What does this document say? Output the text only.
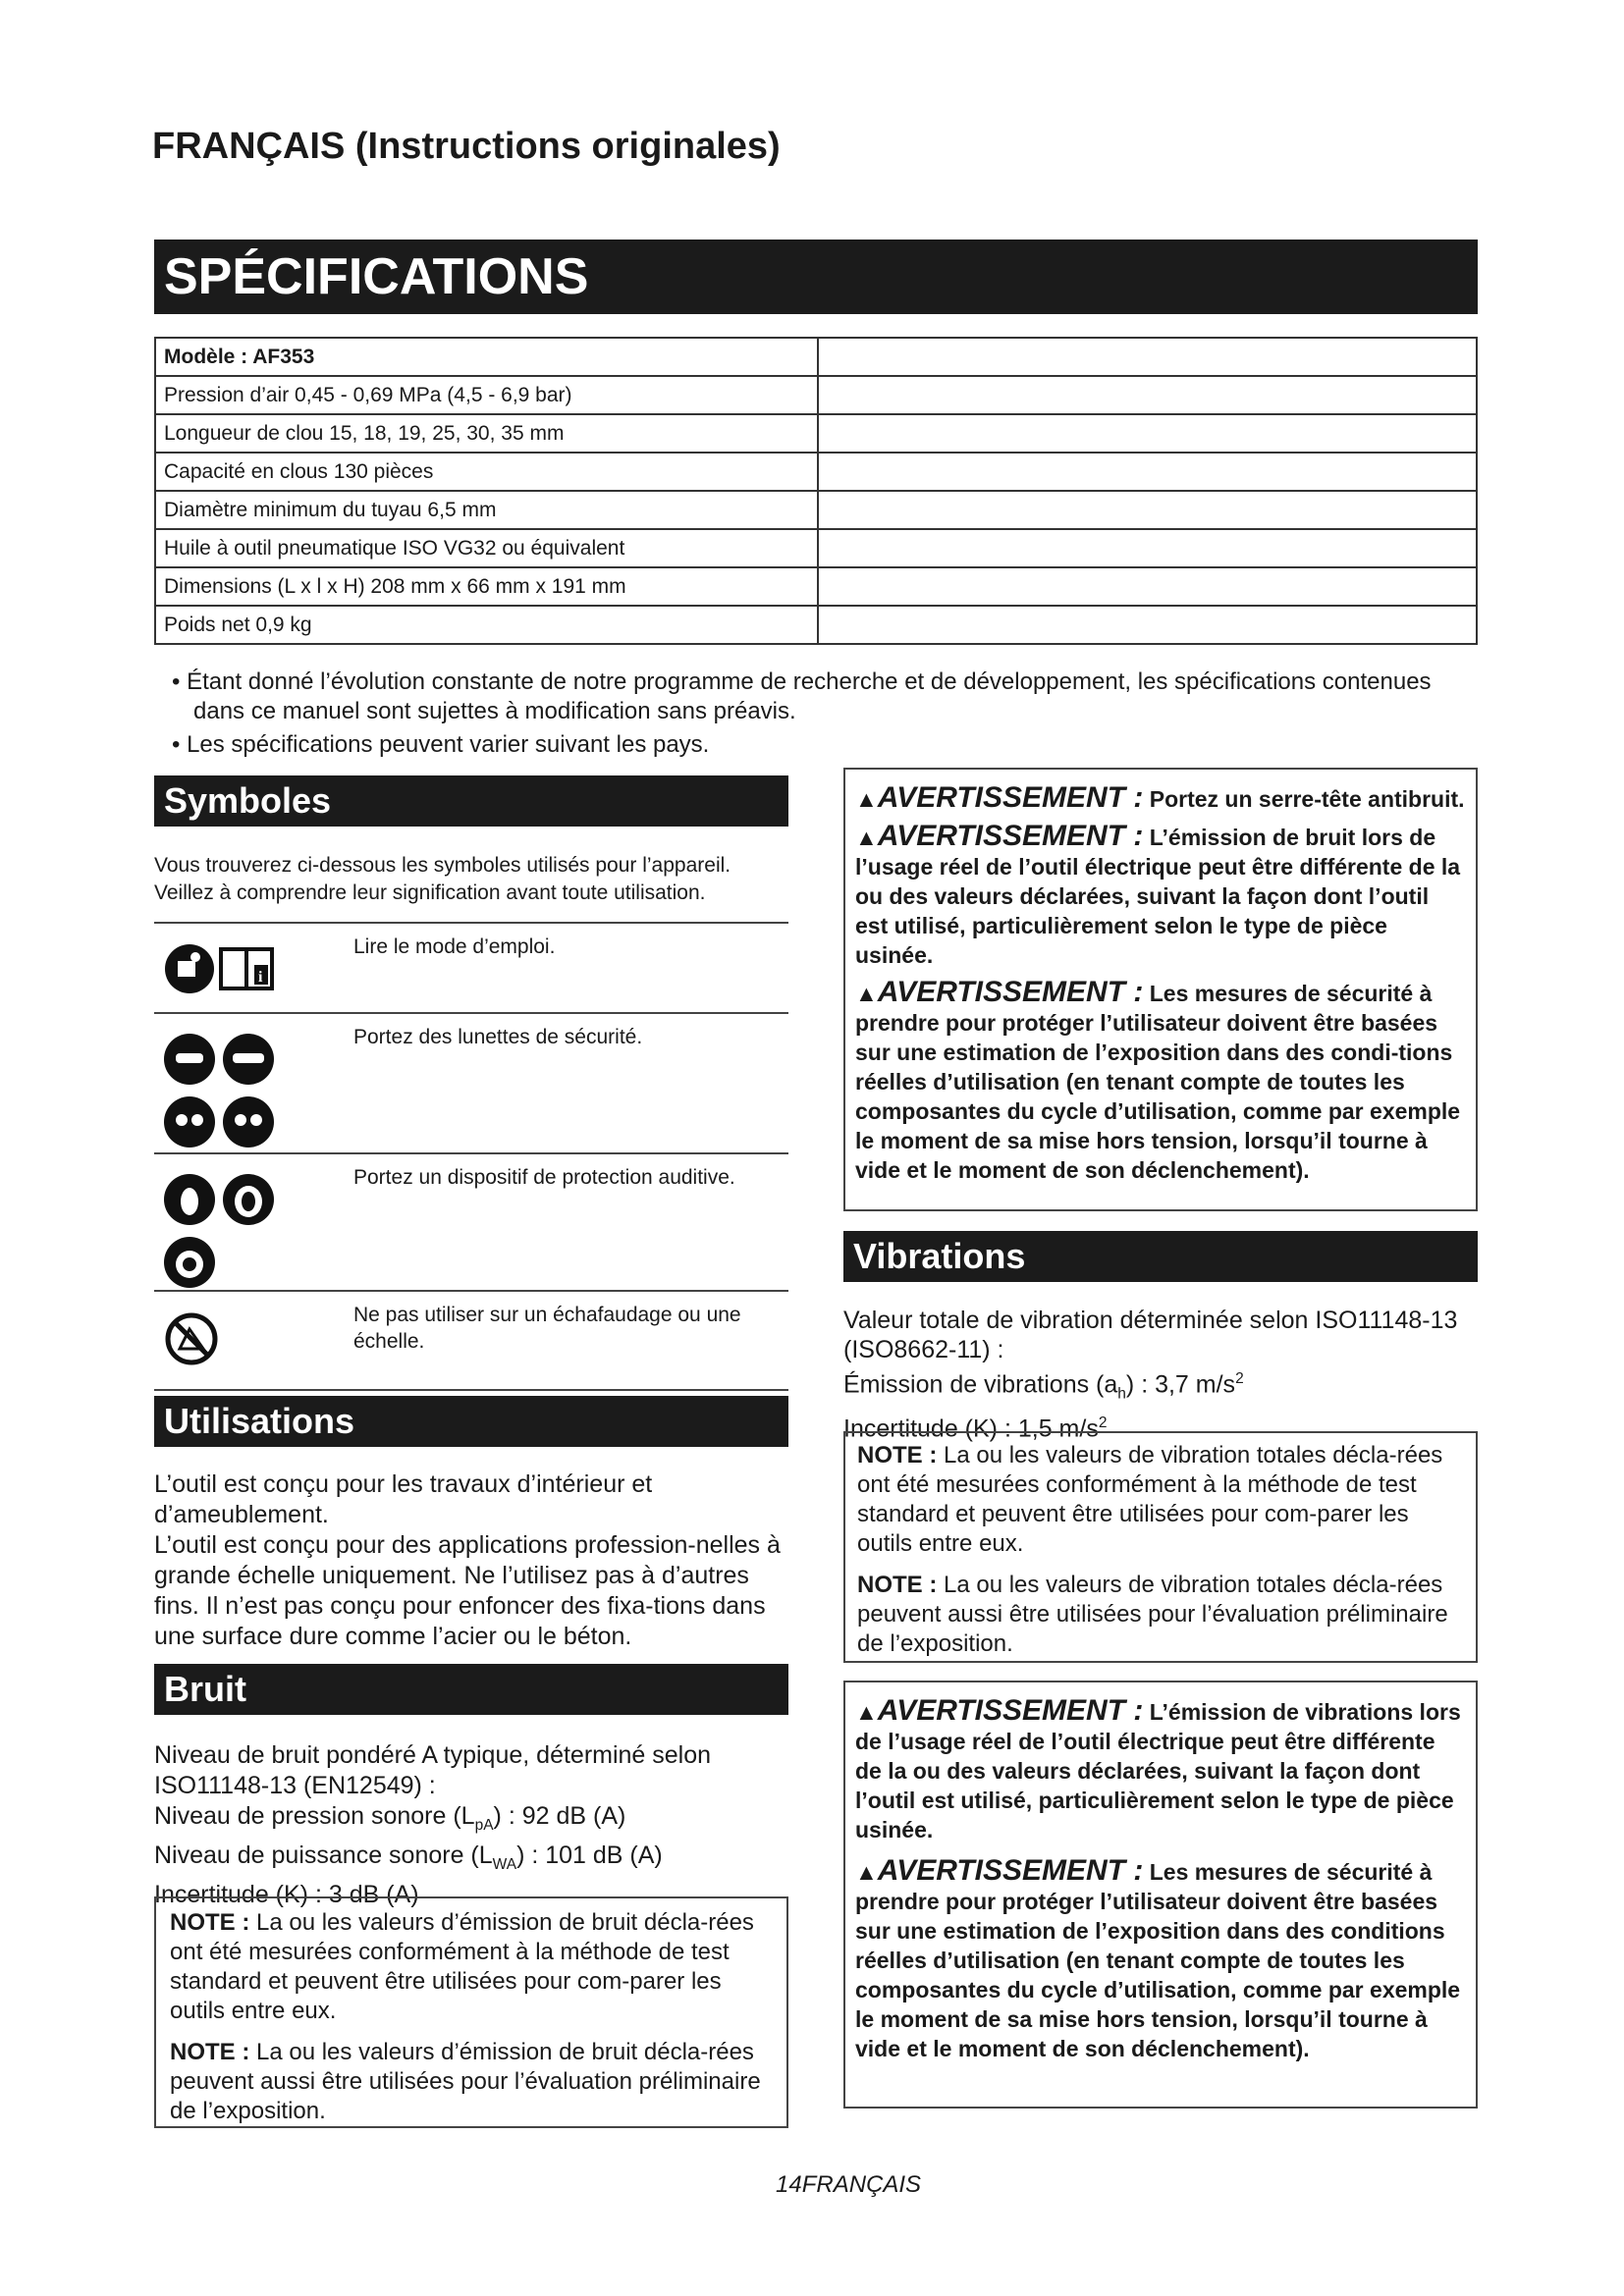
FRANÇAIS (Instructions originales)
SPÉCIFICATIONS
Modèle : AF353	
Pression d’air 0,45 - 0,69 MPa (4,5 - 6,9 bar)	
Longueur de clou 15, 18, 19, 25, 30, 35 mm	
Capacité en clous 130 pièces	
Diamètre minimum du tuyau 6,5 mm	
Huile à outil pneumatique ISO VG32 ou équivalent	
Dimensions (L x l x H) 208 mm x 66 mm x 191 mm	
Poids net 0,9 kg	
• Étant donné l’évolution constante de notre programme de recherche et de développement, les spécifications contenues dans ce manuel sont sujettes à modification sans préavis.
• Les spécifications peuvent varier suivant les pays.
Symboles
Vous trouverez ci-dessous les symboles utilisés pour l’appareil. Veillez à comprendre leur signification avant toute utilisation.
i
Lire le mode d’emploi.
Portez des lunettes de sécurité.
Portez un dispositif de protection auditive.
Ne pas utiliser sur un échafaudage ou une échelle.
Utilisations
L’outil est conçu pour les travaux d’intérieur et d’ameublement.
L’outil est conçu pour des applications profession-nelles à grande échelle uniquement. Ne l’utilisez pas à d’autres fins. Il n’est pas conçu pour enfoncer des fixa-tions dans une surface dure comme l’acier ou le béton.
Bruit
Niveau de bruit pondéré A typique, déterminé selon ISO11148-13 (EN12549) :
Niveau de pression sonore $(L_{pA})$ : 92 dB (A)
Niveau de puissance sonore $(L_{WA})$ : 101 dB (A)
Incertitude (K) : 3 dB (A)
NOTE : La ou les valeurs d’émission de bruit décla-rées ont été mesurées conformément à la méthode de test standard et peuvent être utilisées pour com-parer les outils entre eux.
NOTE : La ou les valeurs d’émission de bruit décla-rées peuvent aussi être utilisées pour l’évaluation préliminaire de l’exposition.
▲AVERTISSEMENT : Portez un serre-tête antibruit.
▲AVERTISSEMENT : L’émission de bruit lors de l’usage réel de l’outil électrique peut être différente de la ou des valeurs déclarées, suivant la façon dont l’outil est utilisé, particulièrement selon le type de pièce usinée.
▲AVERTISSEMENT : Les mesures de sécurité à prendre pour protéger l’utilisateur doivent être basées sur une estimation de l’exposition dans des condi-tions réelles d’utilisation (en tenant compte de toutes les composantes du cycle d’utilisation, comme par exemple le moment de sa mise hors tension, lorsqu’il tourne à vide et le moment de son déclenchement).
Vibrations
Valeur totale de vibration déterminée selon ISO11148-13 (ISO8662-11) :
Émission de vibrations $(a_h)$ : 3,7 $m/s^2$
Incertitude (K) : 1,5 $m/s^2$
NOTE : La ou les valeurs de vibration totales décla-rées ont été mesurées conformément à la méthode de test standard et peuvent être utilisées pour com-parer les outils entre eux.
NOTE : La ou les valeurs de vibration totales décla-rées peuvent aussi être utilisées pour l’évaluation préliminaire de l’exposition.
▲AVERTISSEMENT : L’émission de vibrations lors de l’usage réel de l’outil électrique peut être différente de la ou des valeurs déclarées, suivant la façon dont l’outil est utilisé, particulièrement selon le type de pièce usinée.
▲AVERTISSEMENT : Les mesures de sécurité à prendre pour protéger l’utilisateur doivent être basées sur une estimation de l’exposition dans des conditions réelles d’utilisation (en tenant compte de toutes les composantes du cycle d’utilisation, comme par exemple le moment de sa mise hors tension, lorsqu’il tourne à vide et le moment de son déclenchement).
14FRANÇAIS
